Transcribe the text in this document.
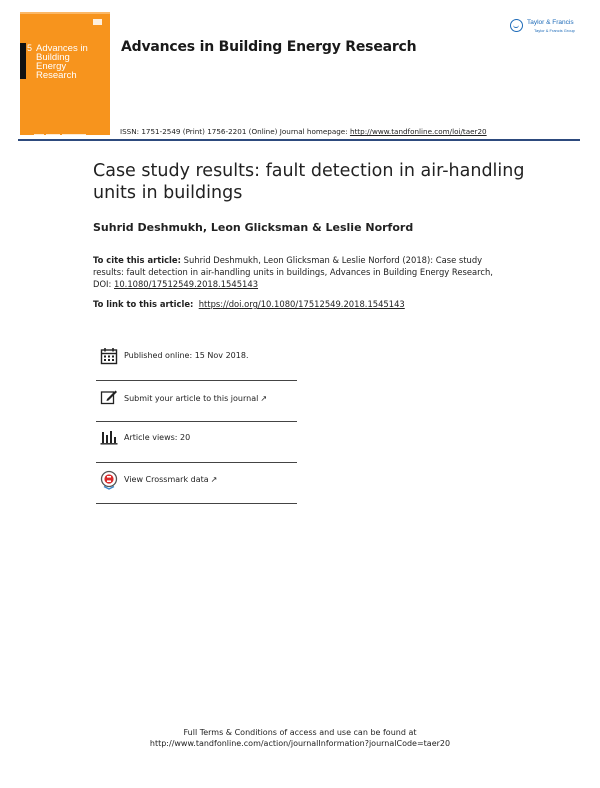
5 Advances in
Building
Energy
Research
Advances in Building Energy Research
Taylor & Francis
Taylor & Francis Group
ISSN: 1751-2549 (Print) 1756-2201 (Online) Journal homepage: http://www.tandfonline.com/loi/taer20
Case study results: fault detection in air-handling units in buildings
Suhrid Deshmukh, Leon Glicksman & Leslie Norford
To cite this article: Suhrid Deshmukh, Leon Glicksman & Leslie Norford (2018): Case study results: fault detection in air-handling units in buildings, Advances in Building Energy Research, DOI: 10.1080/17512549.2018.1545143
To link to this article: https://doi.org/10.1080/17512549.2018.1545143
Published online: 15 Nov 2018.
Submit your article to this journal ↗
Article views: 20
View Crossmark data ↗
Full Terms & Conditions of access and use can be found at
http://www.tandfonline.com/action/journalInformation?journalCode=taer20
